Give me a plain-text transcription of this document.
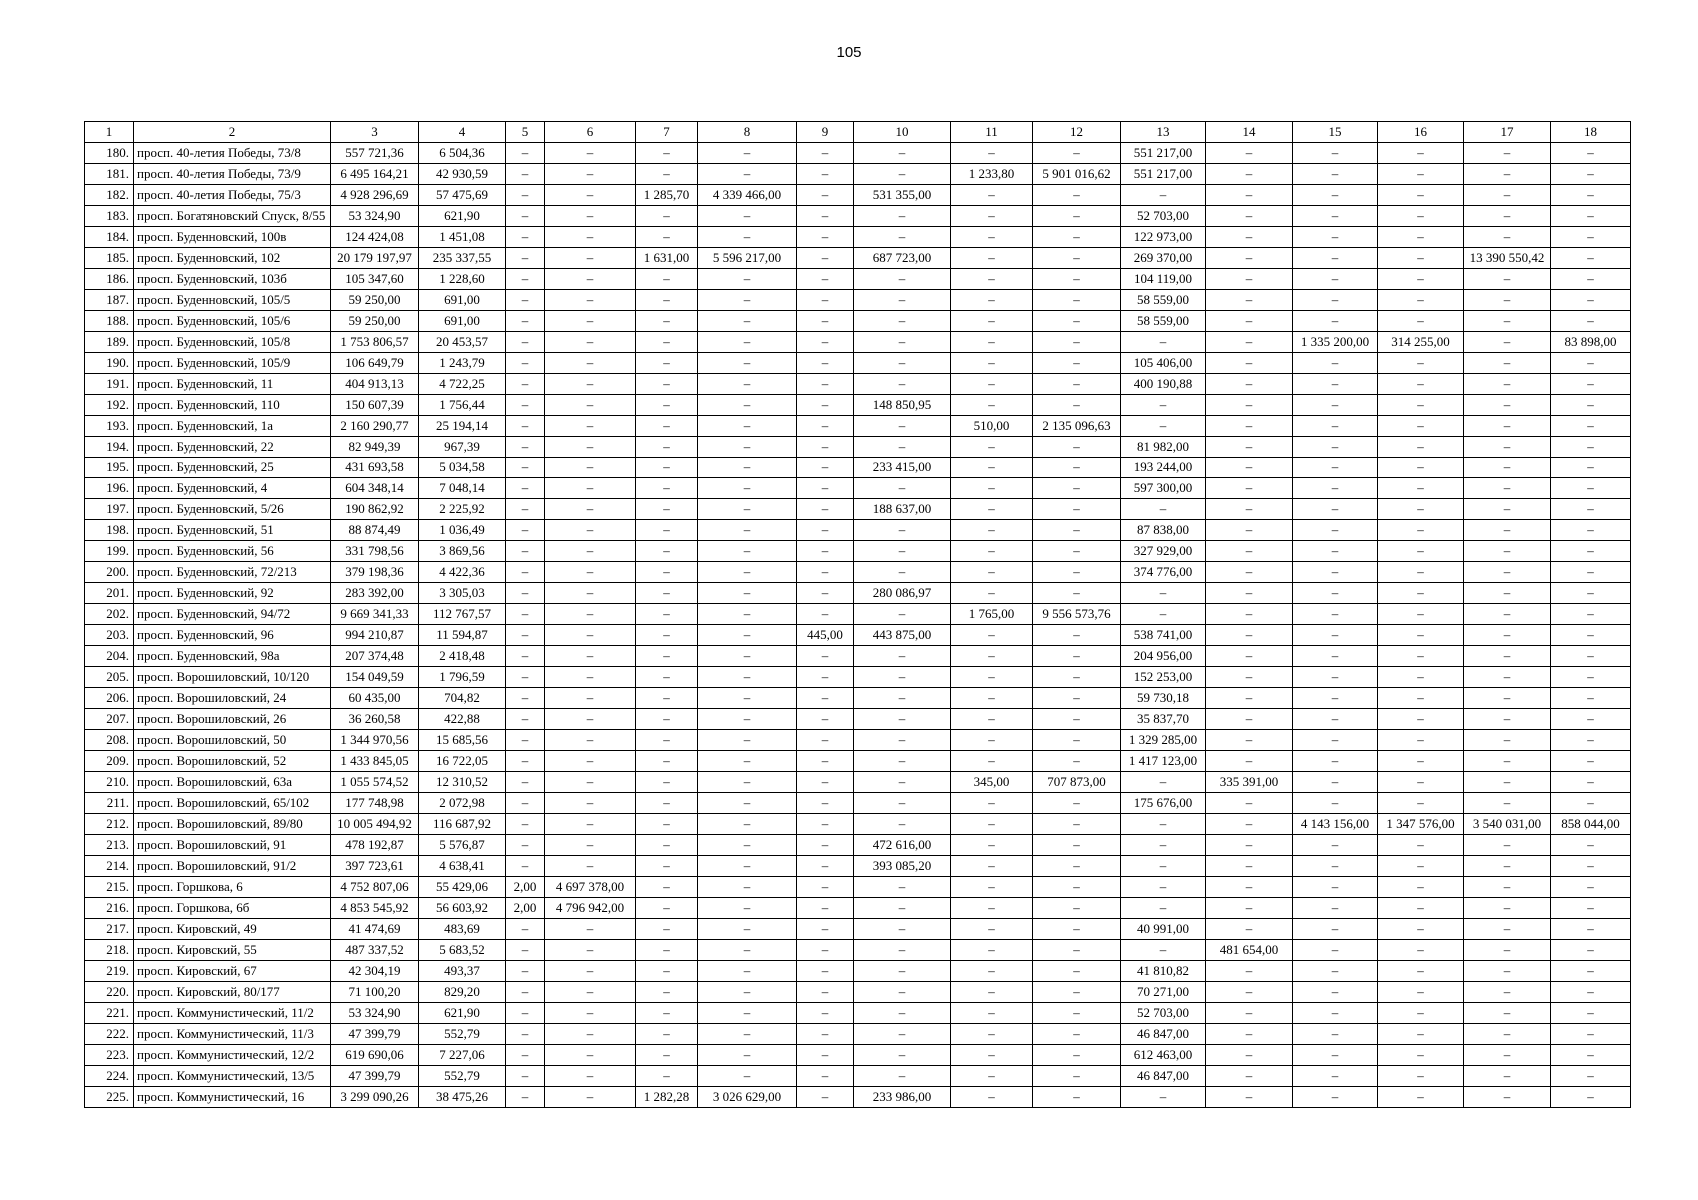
105
1	2	3	4	5	6	7	8	9	10	11	12	13	14	15	16	17	18
180.	просп. 40-летия Победы, 73/8	557 721,36	6 504,36	–	–	–	–	–	–	–	–	551 217,00	–	–	–	–	–
181.	просп. 40-летия Победы, 73/9	6 495 164,21	42 930,59	–	–	–	–	–	–	1 233,80	5 901 016,62	551 217,00	–	–	–	–	–
182.	просп. 40-летия Победы, 75/3	4 928 296,69	57 475,69	–	–	1 285,70	4 339 466,00	–	531 355,00	–	–	–	–	–	–	–	–
183.	просп. Богатяновский Спуск, 8/55	53 324,90	621,90	–	–	–	–	–	–	–	–	52 703,00	–	–	–	–	–
184.	просп. Буденновский, 100в	124 424,08	1 451,08	–	–	–	–	–	–	–	–	122 973,00	–	–	–	–	–
185.	просп. Буденновский, 102	20 179 197,97	235 337,55	–	–	1 631,00	5 596 217,00	–	687 723,00	–	–	269 370,00	–	–	–	13 390 550,42	–
186.	просп. Буденновский, 103б	105 347,60	1 228,60	–	–	–	–	–	–	–	–	104 119,00	–	–	–	–	–
187.	просп. Буденновский, 105/5	59 250,00	691,00	–	–	–	–	–	–	–	–	58 559,00	–	–	–	–	–
188.	просп. Буденновский, 105/6	59 250,00	691,00	–	–	–	–	–	–	–	–	58 559,00	–	–	–	–	–
189.	просп. Буденновский, 105/8	1 753 806,57	20 453,57	–	–	–	–	–	–	–	–	–	–	1 335 200,00	314 255,00	–	83 898,00
190.	просп. Буденновский, 105/9	106 649,79	1 243,79	–	–	–	–	–	–	–	–	105 406,00	–	–	–	–	–
191.	просп. Буденновский, 11	404 913,13	4 722,25	–	–	–	–	–	–	–	–	400 190,88	–	–	–	–	–
192.	просп. Буденновский, 110	150 607,39	1 756,44	–	–	–	–	–	148 850,95	–	–	–	–	–	–	–	–
193.	просп. Буденновский, 1а	2 160 290,77	25 194,14	–	–	–	–	–	–	510,00	2 135 096,63	–	–	–	–	–	–
194.	просп. Буденновский, 22	82 949,39	967,39	–	–	–	–	–	–	–	–	81 982,00	–	–	–	–	–
195.	просп. Буденновский, 25	431 693,58	5 034,58	–	–	–	–	–	233 415,00	–	–	193 244,00	–	–	–	–	–
196.	просп. Буденновский, 4	604 348,14	7 048,14	–	–	–	–	–	–	–	–	597 300,00	–	–	–	–	–
197.	просп. Буденновский, 5/26	190 862,92	2 225,92	–	–	–	–	–	188 637,00	–	–	–	–	–	–	–	–
198.	просп. Буденновский, 51	88 874,49	1 036,49	–	–	–	–	–	–	–	–	87 838,00	–	–	–	–	–
199.	просп. Буденновский, 56	331 798,56	3 869,56	–	–	–	–	–	–	–	–	327 929,00	–	–	–	–	–
200.	просп. Буденновский, 72/213	379 198,36	4 422,36	–	–	–	–	–	–	–	–	374 776,00	–	–	–	–	–
201.	просп. Буденновский, 92	283 392,00	3 305,03	–	–	–	–	–	280 086,97	–	–	–	–	–	–	–	–
202.	просп. Буденновский, 94/72	9 669 341,33	112 767,57	–	–	–	–	–	–	1 765,00	9 556 573,76	–	–	–	–	–	–
203.	просп. Буденновский, 96	994 210,87	11 594,87	–	–	–	–	445,00	443 875,00	–	–	538 741,00	–	–	–	–	–
204.	просп. Буденновский, 98а	207 374,48	2 418,48	–	–	–	–	–	–	–	–	204 956,00	–	–	–	–	–
205.	просп. Ворошиловский, 10/120	154 049,59	1 796,59	–	–	–	–	–	–	–	–	152 253,00	–	–	–	–	–
206.	просп. Ворошиловский, 24	60 435,00	704,82	–	–	–	–	–	–	–	–	59 730,18	–	–	–	–	–
207.	просп. Ворошиловский, 26	36 260,58	422,88	–	–	–	–	–	–	–	–	35 837,70	–	–	–	–	–
208.	просп. Ворошиловский, 50	1 344 970,56	15 685,56	–	–	–	–	–	–	–	–	1 329 285,00	–	–	–	–	–
209.	просп. Ворошиловский, 52	1 433 845,05	16 722,05	–	–	–	–	–	–	–	–	1 417 123,00	–	–	–	–	–
210.	просп. Ворошиловский, 63а	1 055 574,52	12 310,52	–	–	–	–	–	–	345,00	707 873,00	–	335 391,00	–	–	–	–
211.	просп. Ворошиловский, 65/102	177 748,98	2 072,98	–	–	–	–	–	–	–	–	175 676,00	–	–	–	–	–
212.	просп. Ворошиловский, 89/80	10 005 494,92	116 687,92	–	–	–	–	–	–	–	–	–	–	4 143 156,00	1 347 576,00	3 540 031,00	858 044,00
213.	просп. Ворошиловский, 91	478 192,87	5 576,87	–	–	–	–	–	472 616,00	–	–	–	–	–	–	–	–
214.	просп. Ворошиловский, 91/2	397 723,61	4 638,41	–	–	–	–	–	393 085,20	–	–	–	–	–	–	–	–
215.	просп. Горшкова, 6	4 752 807,06	55 429,06	2,00	4 697 378,00	–	–	–	–	–	–	–	–	–	–	–	–
216.	просп. Горшкова, 6б	4 853 545,92	56 603,92	2,00	4 796 942,00	–	–	–	–	–	–	–	–	–	–	–	–
217.	просп. Кировский, 49	41 474,69	483,69	–	–	–	–	–	–	–	–	40 991,00	–	–	–	–	–
218.	просп. Кировский, 55	487 337,52	5 683,52	–	–	–	–	–	–	–	–	–	481 654,00	–	–	–	–
219.	просп. Кировский, 67	42 304,19	493,37	–	–	–	–	–	–	–	–	41 810,82	–	–	–	–	–
220.	просп. Кировский, 80/177	71 100,20	829,20	–	–	–	–	–	–	–	–	70 271,00	–	–	–	–	–
221.	просп. Коммунистический, 11/2	53 324,90	621,90	–	–	–	–	–	–	–	–	52 703,00	–	–	–	–	–
222.	просп. Коммунистический, 11/3	47 399,79	552,79	–	–	–	–	–	–	–	–	46 847,00	–	–	–	–	–
223.	просп. Коммунистический, 12/2	619 690,06	7 227,06	–	–	–	–	–	–	–	–	612 463,00	–	–	–	–	–
224.	просп. Коммунистический, 13/5	47 399,79	552,79	–	–	–	–	–	–	–	–	46 847,00	–	–	–	–	–
225.	просп. Коммунистический, 16	3 299 090,26	38 475,26	–	–	1 282,28	3 026 629,00	–	233 986,00	–	–	–	–	–	–	–	–
